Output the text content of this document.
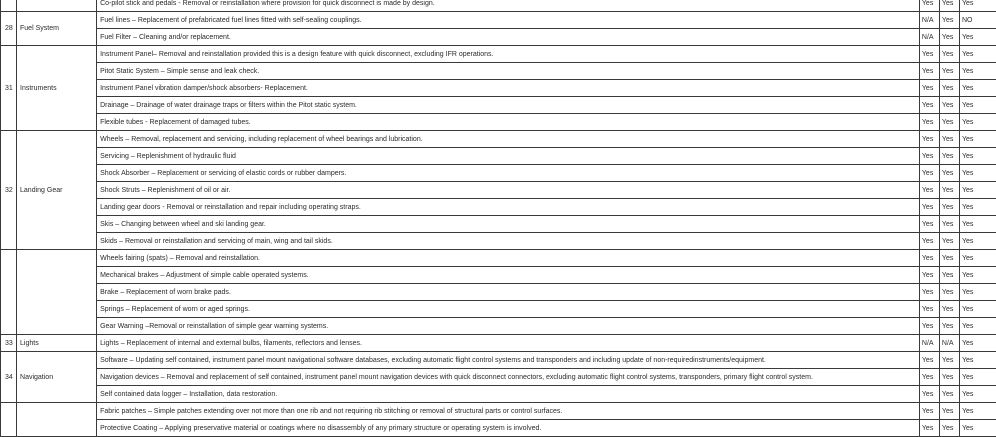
		Co-pilot stick and pedals - Removal or reinstallation where provision for quick disconnect is made by design.	Yes	Yes	Yes
28	Fuel System	Fuel lines – Replacement of prefabricated fuel lines fitted with self-sealing couplings.	N/A	Yes	NO
		Fuel Filter – Cleaning and/or replacement.	N/A	Yes	Yes
31	Instruments	Instrument Panel– Removal and reinstallation provided this is a design feature with quick disconnect, excluding IFR operations.	Yes	Yes	Yes
		Pitot Static System – Simple sense and leak check.	Yes	Yes	Yes
		Instrument Panel vibration damper/shock absorbers- Replacement.	Yes	Yes	Yes
		Drainage – Drainage of water drainage traps or filters within the Pitot static system.	Yes	Yes	Yes
		Flexible tubes - Replacement of damaged tubes.	Yes	Yes	Yes
32	Landing Gear	Wheels – Removal, replacement and servicing, including replacement of wheel bearings and lubrication.	Yes	Yes	Yes
		Servicing – Replenishment of hydraulic fluid	Yes	Yes	Yes
		Shock Absorber – Replacement or servicing of elastic cords or rubber dampers.	Yes	Yes	Yes
		Shock Struts – Replenishment of oil or air.	Yes	Yes	Yes
		Landing gear doors - Removal or reinstallation and repair including operating straps.	Yes	Yes	Yes
		Skis – Changing between wheel and ski landing gear.	Yes	Yes	Yes
		Skids – Removal or reinstallation and servicing of main, wing and tail skids.	Yes	Yes	Yes
		Wheels fairing (spats) – Removal and reinstallation.	Yes	Yes	Yes
		Mechanical brakes – Adjustment of simple cable operated systems.	Yes	Yes	Yes
		Brake – Replacement of worn brake pads.	Yes	Yes	Yes
		Springs – Replacement of worn or aged springs.	Yes	Yes	Yes
		Gear Warning –Removal or reinstallation of simple gear warning systems.	Yes	Yes	Yes
33	Lights	Lights – Replacement of internal and external bulbs, filaments, reflectors and lenses.	N/A	N/A	Yes
34	Navigation	Software – Updating self contained, instrument panel mount navigational software databases, excluding automatic flight control systems and transponders and including update of non-requiredinstruments/equipment.	Yes	Yes	Yes
		Navigation devices – Removal and replacement of self contained, instrument panel mount navigation devices with quick disconnect connectors, excluding automatic flight control systems, transponders, primary flight control system.	Yes	Yes	Yes
		Self contained data logger – Installation, data restoration.	Yes	Yes	Yes
		Fabric patches – Simple patches extending over not more than one rib and not requiring rib stitching or removal of structural parts or control surfaces.	Yes	Yes	Yes
		Protective Coating – Applying preservative material or coatings where no disassembly of any primary structure or operating system is involved.	Yes	Yes	Yes
